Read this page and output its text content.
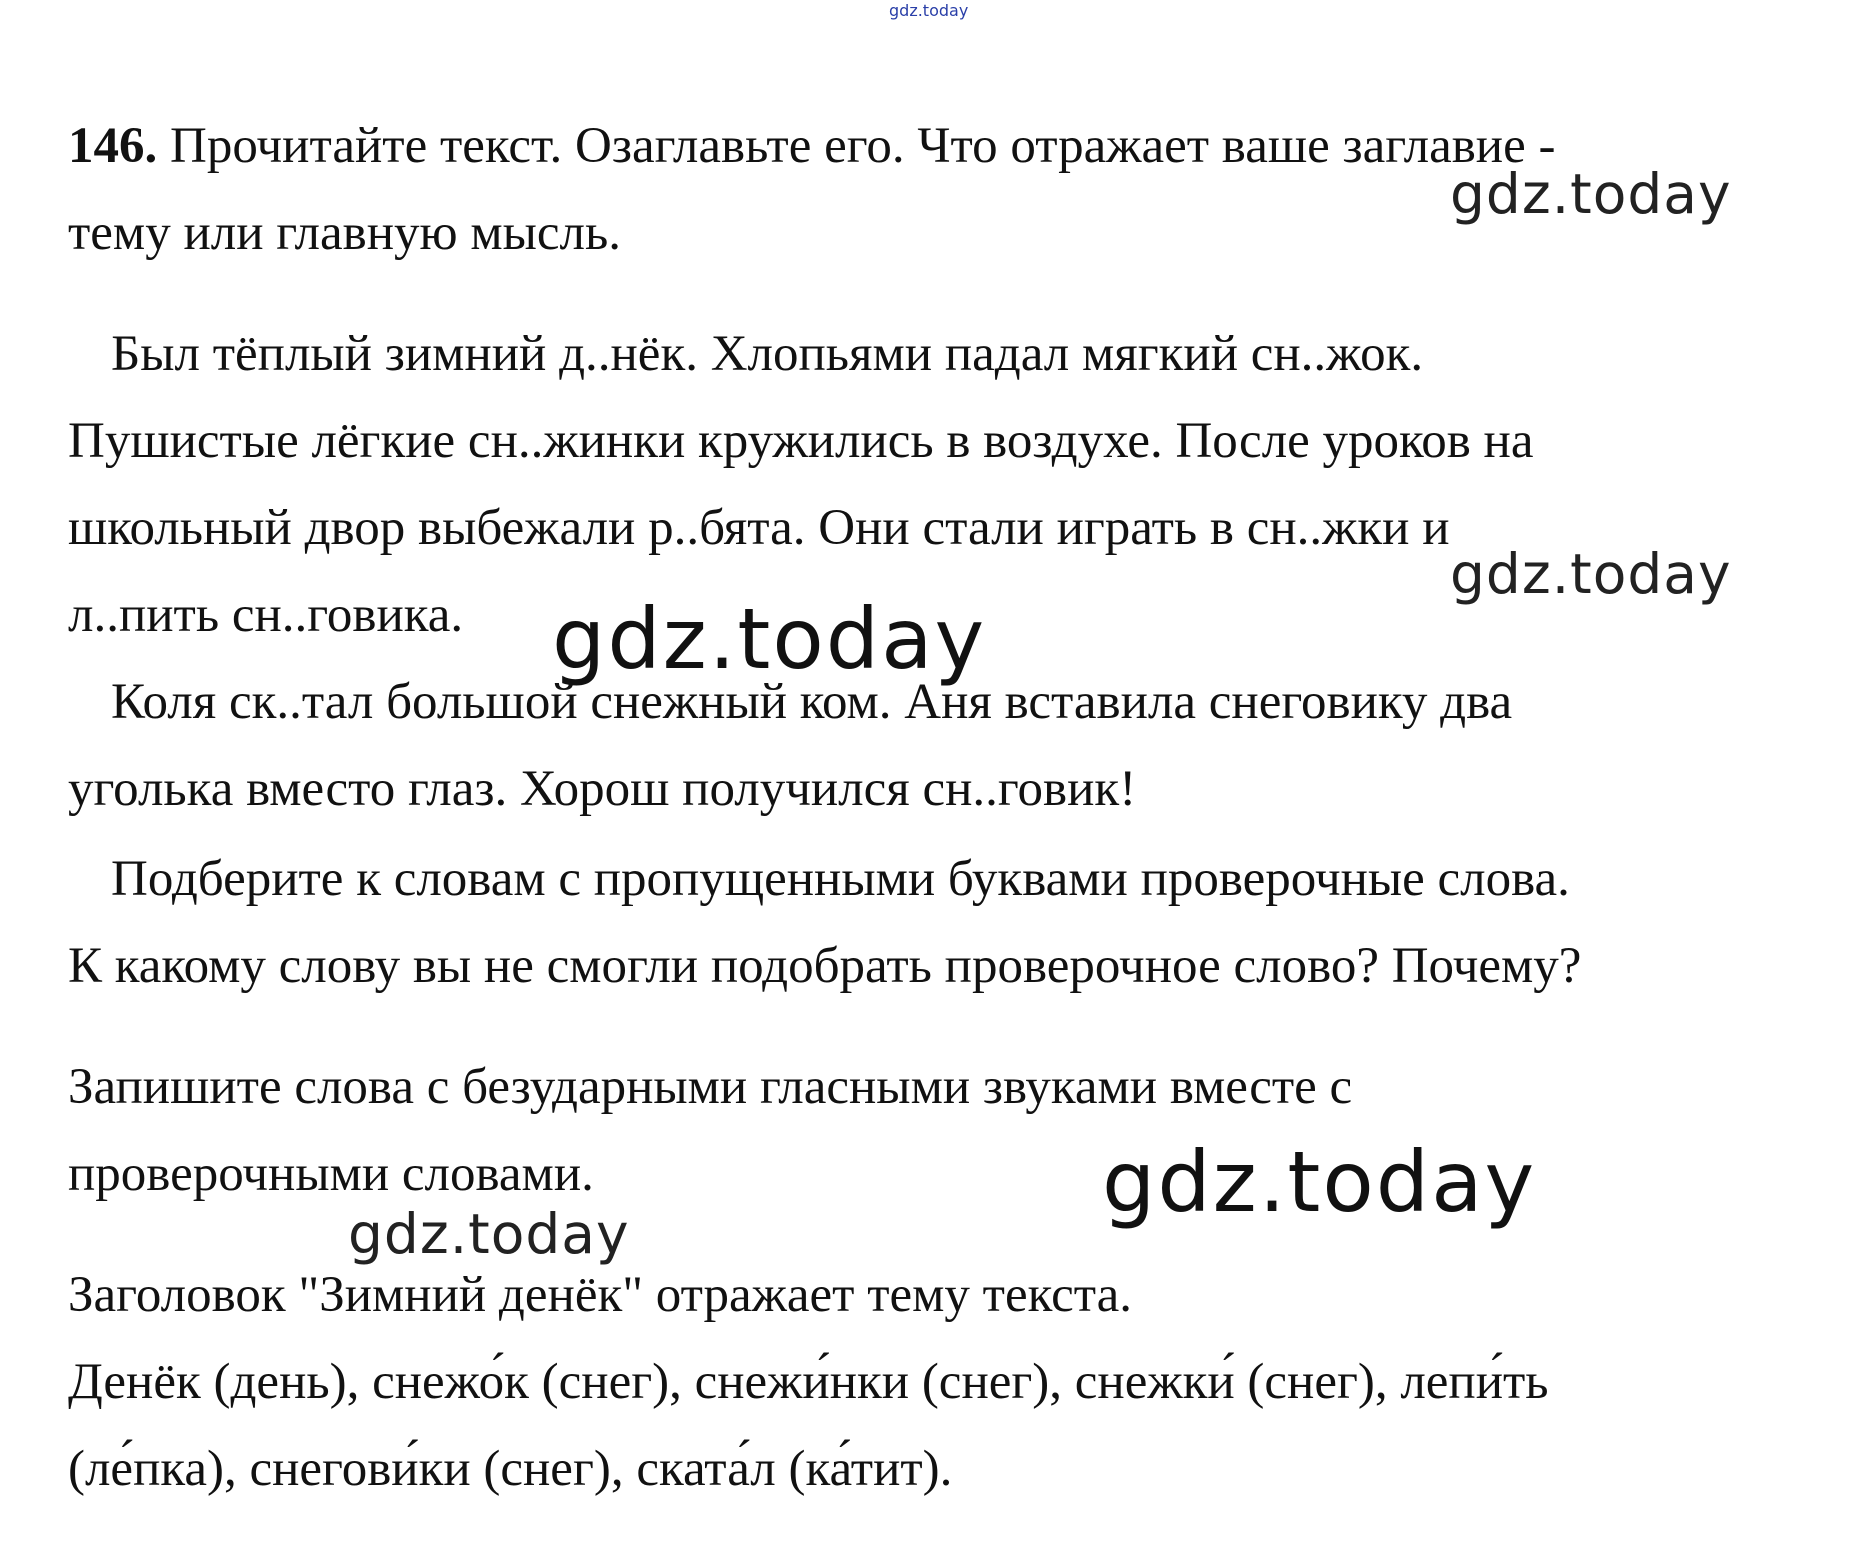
gdz.today
gdz.today
gdz.today
gdz.today
gdz.today
gdz.today
146. Прочитайте текст. Озаглавьте его. Что отражает ваше заглавие -
тему или главную мысль.
Был тёплый зимний д..нёк. Хлопьями падал мягкий сн..жок.
Пушистые лёгкие сн..жинки кружились в воздухе. После уроков на
школьный двор выбежали р..бята. Они стали играть в сн..жки и
л..пить сн..говика.
Коля ск..тал большой снежный ком. Аня вставила снеговику два
уголька вместо глаз. Хорош получился сн..говик!
Подберите к словам с пропущенными буквами проверочные слова.
К какому слову вы не смогли подобрать проверочное слово? Почему?
Запишите слова с безударными гласными звуками вместе с
проверочными словами.
Заголовок "Зимний денёк" отражает тему текста.
Денёк (день), снежо́к (снег), снежи́нки (снег), снежки́ (снег), лепи́ть
(ле́пка), снегови́ки (снег), ската́л (ка́тит).
